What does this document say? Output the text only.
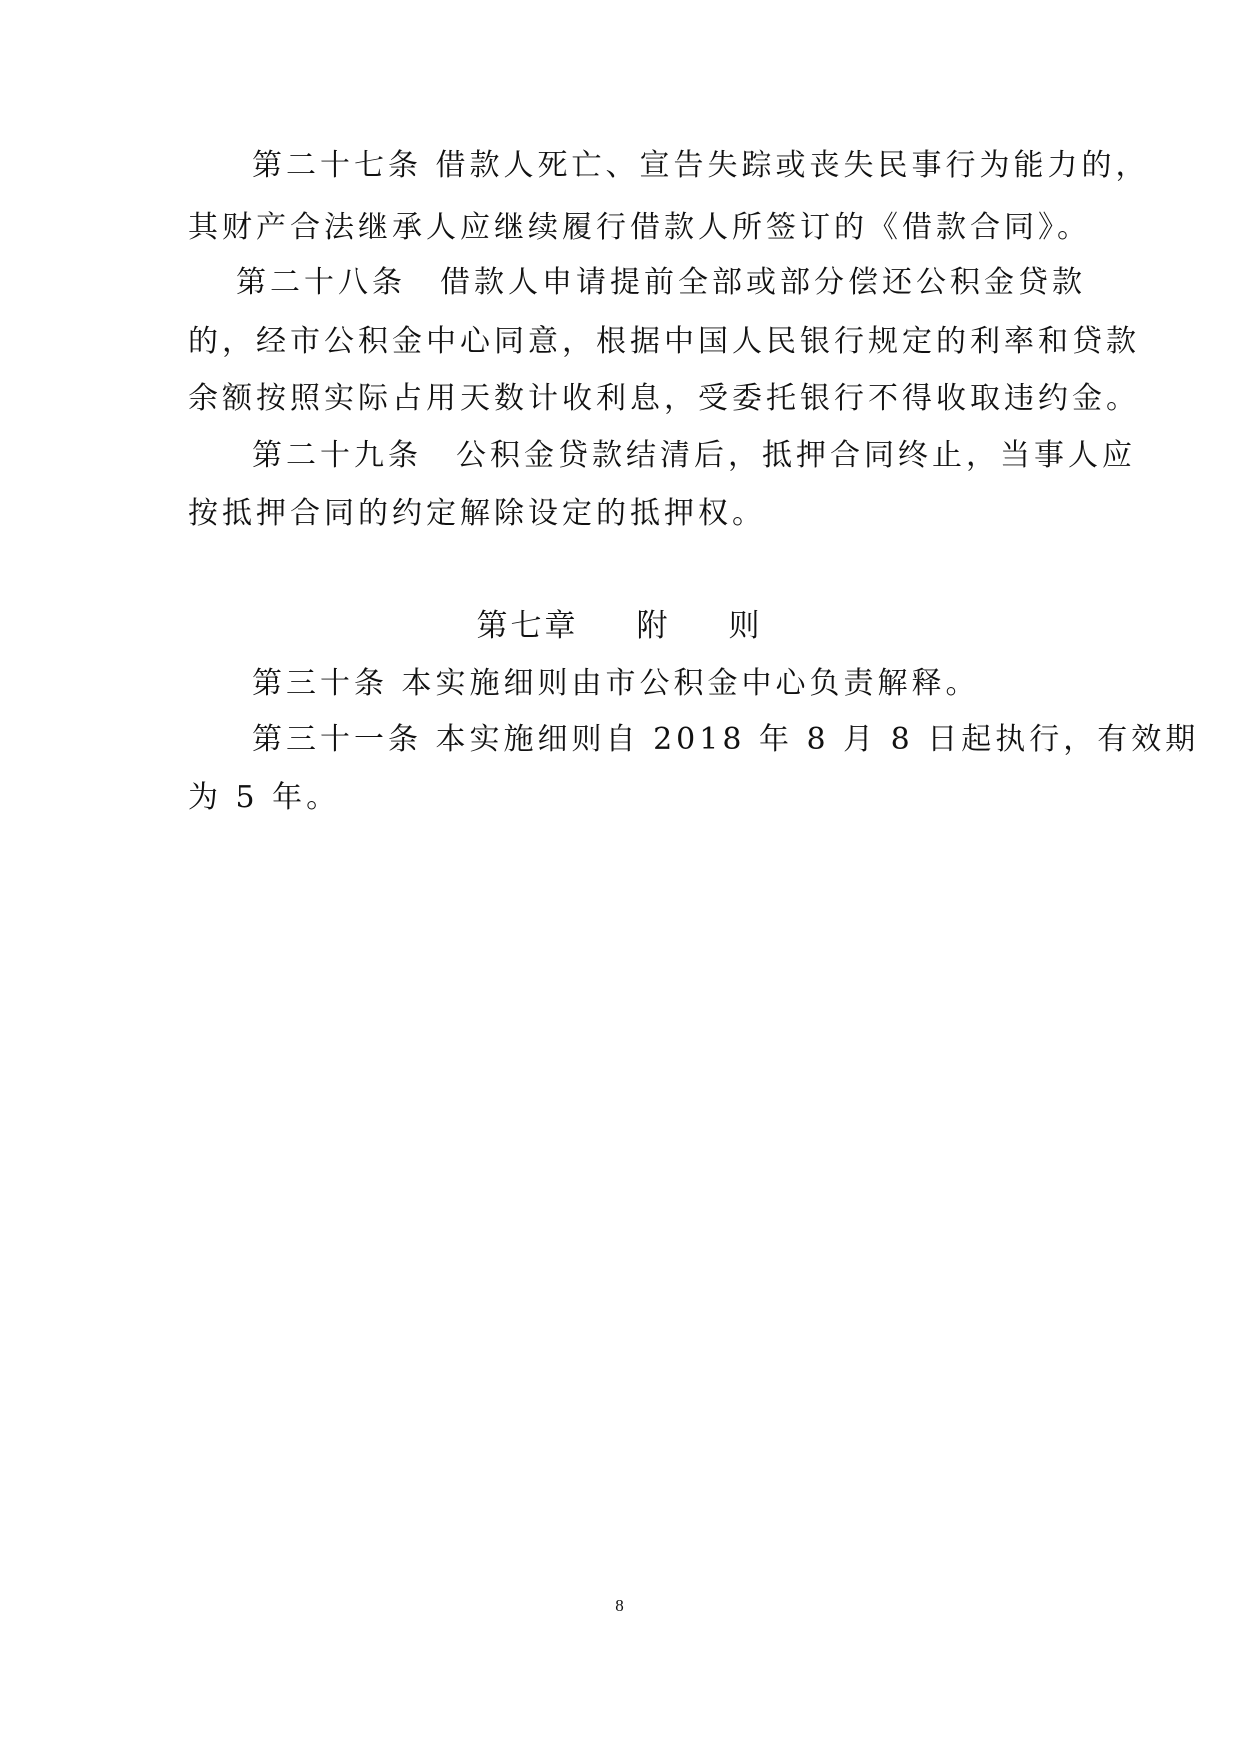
第二十七条 借款人死亡、宣告失踪或丧失民事行为能力的，
其财产合法继承人应继续履行借款人所签订的《借款合同》。
第二十八条　借款人申请提前全部或部分偿还公积金贷款
的，经市公积金中心同意，根据中国人民银行规定的利率和贷款
余额按照实际占用天数计收利息，受委托银行不得收取违约金。
第二十九条　公积金贷款结清后，抵押合同终止，当事人应
按抵押合同的约定解除设定的抵押权。
第七章 附 则
第三十条 本实施细则由市公积金中心负责解释。
第三十一条 本实施细则自 2018 年 8 月 8 日起执行，有效期
为 5 年。
8
